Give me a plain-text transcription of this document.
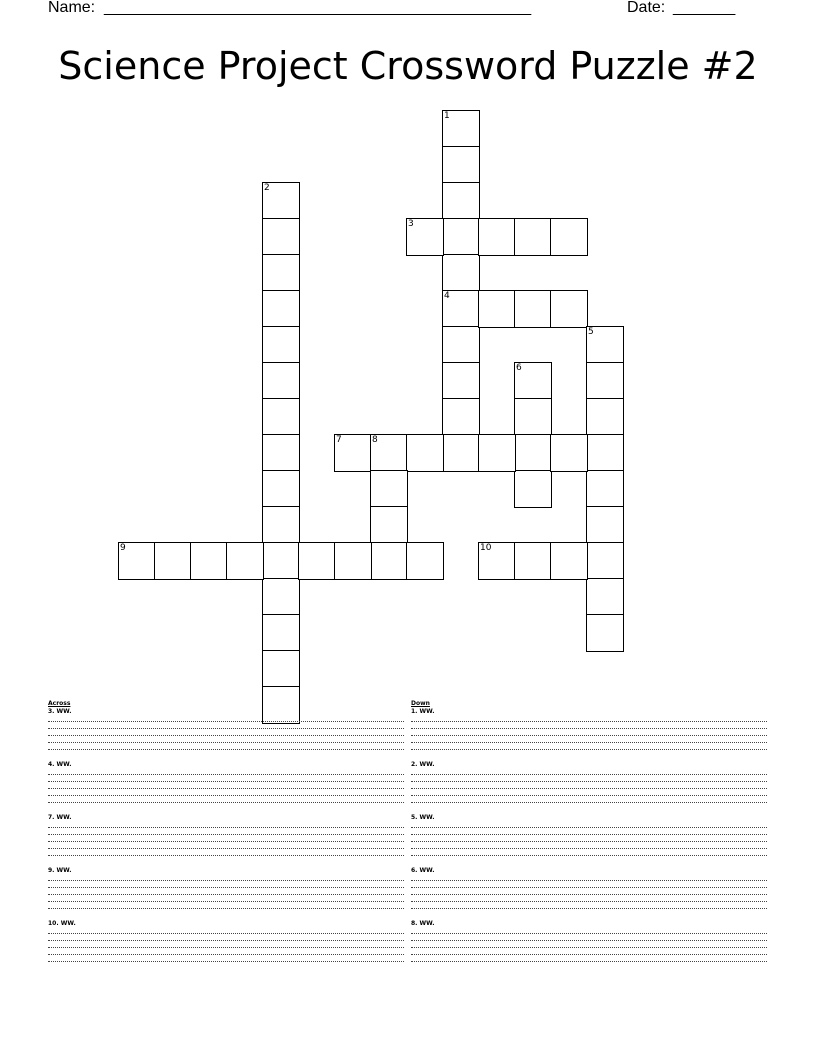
Name: ________________________________________________	Date: _______
Science Project Crossword Puzzle #2
1
4
2
3
5
6
7	8
9	10
Across
3. WW.
4. WW.
7. WW.
9. WW.
10. WW.
Down
1. WW.
2. WW.
5. WW.
6. WW.
8. WW.
